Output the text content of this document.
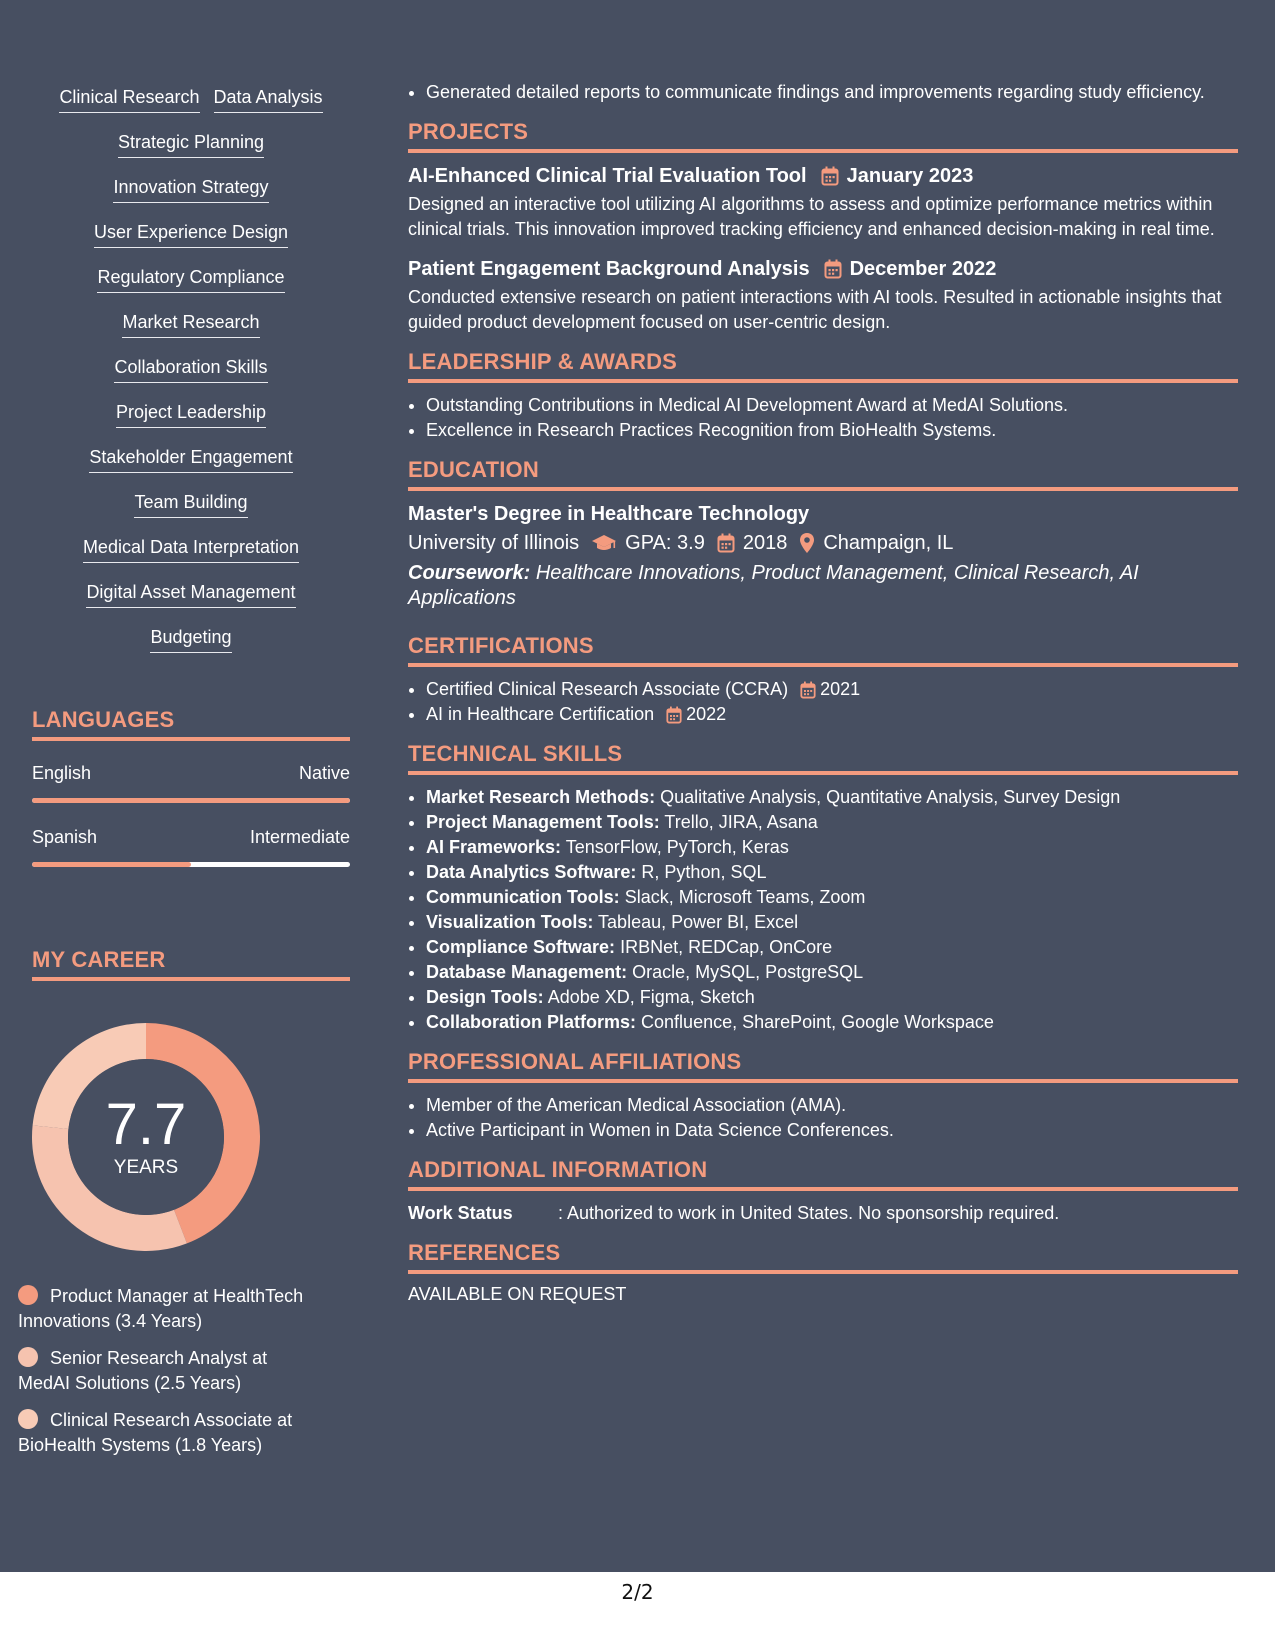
Clinical Research Data Analysis
Strategic Planning
Innovation Strategy
User Experience Design
Regulatory Compliance
Market Research
Collaboration Skills
Project Leadership
Stakeholder Engagement
Team Building
Medical Data Interpretation
Digital Asset Management
Budgeting
LANGUAGES
English	Native
Spanish	Intermediate
MY CAREER
7.7
YEARS
Product Manager at HealthTech Innovations (3.4 Years)
Senior Research Analyst at MedAI Solutions (2.5 Years)
Clinical Research Associate at BioHealth Systems (1.8 Years)
• Generated detailed reports to communicate findings and improvements regarding study efficiency.
PROJECTS
AI-Enhanced Clinical Trial Evaluation Tool January 2023
Designed an interactive tool utilizing AI algorithms to assess and optimize performance metrics within clinical trials. This innovation improved tracking efficiency and enhanced decision-making in real time.
Patient Engagement Background Analysis December 2022
Conducted extensive research on patient interactions with AI tools. Resulted in actionable insights that guided product development focused on user-centric design.
LEADERSHIP & AWARDS
• Outstanding Contributions in Medical AI Development Award at MedAI Solutions.
• Excellence in Research Practices Recognition from BioHealth Systems.
EDUCATION
Master's Degree in Healthcare Technology
University of Illinois GPA: 3.9 2018 Champaign, IL
Coursework: Healthcare Innovations, Product Management, Clinical Research, AI Applications
CERTIFICATIONS
• Certified Clinical Research Associate (CCRA) 2021
• AI in Healthcare Certification 2022
TECHNICAL SKILLS
• Market Research Methods: Qualitative Analysis, Quantitative Analysis, Survey Design
• Project Management Tools: Trello, JIRA, Asana
• AI Frameworks: TensorFlow, PyTorch, Keras
• Data Analytics Software: R, Python, SQL
• Communication Tools: Slack, Microsoft Teams, Zoom
• Visualization Tools: Tableau, Power BI, Excel
• Compliance Software: IRBNet, REDCap, OnCore
• Database Management: Oracle, MySQL, PostgreSQL
• Design Tools: Adobe XD, Figma, Sketch
• Collaboration Platforms: Confluence, SharePoint, Google Workspace
PROFESSIONAL AFFILIATIONS
• Member of the American Medical Association (AMA).
• Active Participant in Women in Data Science Conferences.
ADDITIONAL INFORMATION
Work Status	: Authorized to work in United States. No sponsorship required.
REFERENCES
AVAILABLE ON REQUEST
2/2
